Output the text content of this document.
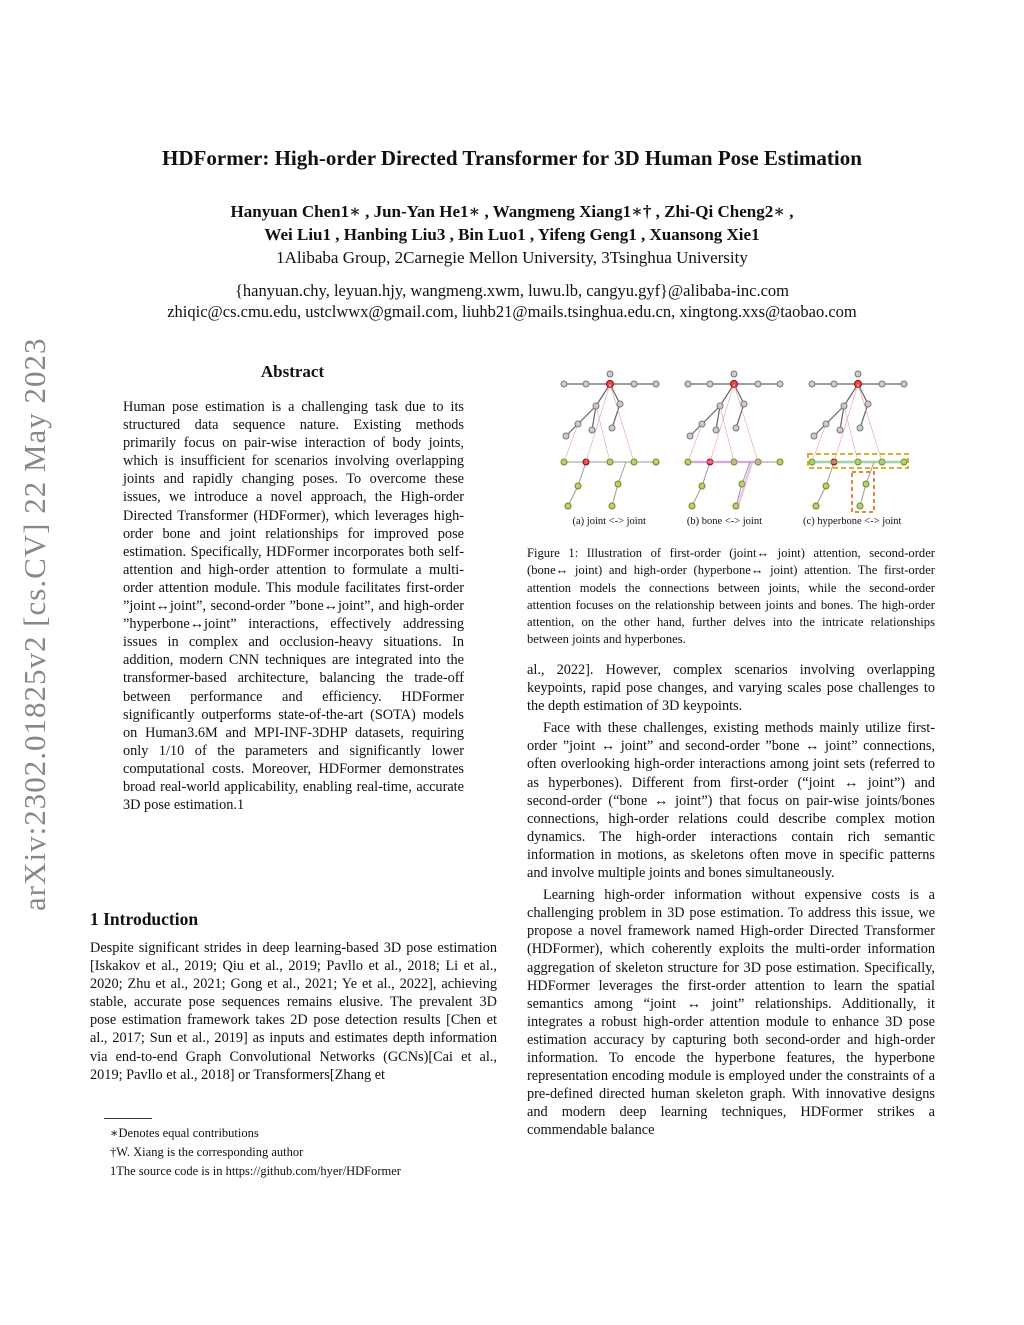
HDFormer: High-order Directed Transformer for 3D Human Pose Estimation
Hanyuan Chen1∗ , Jun-Yan He1∗ , Wangmeng Xiang1∗† , Zhi-Qi Cheng2∗ ,
Wei Liu1 , Hanbing Liu3 , Bin Luo1 , Yifeng Geng1 , Xuansong Xie1
1Alibaba Group, 2Carnegie Mellon University, 3Tsinghua University
{hanyuan.chy, leyuan.hjy, wangmeng.xwm, luwu.lb, cangyu.gyf}@alibaba-inc.com
zhiqic@cs.cmu.edu, ustclwwx@gmail.com, liuhb21@mails.tsinghua.edu.cn, xingtong.xxs@taobao.com
arXiv:2302.01825v2 [cs.CV] 22 May 2023	Abstract
Human pose estimation is a challenging task due to its structured data sequence nature. Existing methods primarily focus on pair-wise interaction of body joints, which is insufficient for scenarios involving overlapping joints and rapidly changing poses. To overcome these issues, we introduce a novel approach, the High-order Directed Transformer (HDFormer), which leverages high-order bone and joint relationships for improved pose estimation. Specifically, HDFormer incorporates both self-attention and high-order attention to formulate a multi-order attention module. This module facilitates first-order ”joint↔joint”, second-order ”bone↔joint”, and high-order ”hyperbone↔joint” interactions, effectively addressing issues in complex and occlusion-heavy situations. In addition, modern CNN techniques are integrated into the transformer-based architecture, balancing the trade-off between performance and efficiency. HDFormer significantly outperforms state-of-the-art (SOTA) models on Human3.6M and MPI-INF-3DHP datasets, requiring only 1/10 of the parameters and significantly lower computational costs. Moreover, HDFormer demonstrates broad real-world applicability, enabling real-time, accurate 3D pose estimation.1
1 Introduction
Despite significant strides in deep learning-based 3D pose estimation [Iskakov et al., 2019; Qiu et al., 2019; Pavllo et al., 2018; Li et al., 2020; Zhu et al., 2021; Gong et al., 2021; Ye et al., 2022], achieving stable, accurate pose sequences remains elusive. The prevalent 3D pose estimation framework takes 2D pose detection results [Chen et al., 2017; Sun et al., 2019] as inputs and estimates depth information via end-to-end Graph Convolutional Networks (GCNs)[Cai et al., 2019; Pavllo et al., 2018] or Transformers[Zhang et
∗Denotes equal contributions
†W. Xiang is the corresponding author
1The source code is in https://github.com/hyer/HDFormer
(a) joint <-> joint	(b) bone <-> joint	(c) hyperbone <-> joint
Figure 1: Illustration of first-order (joint↔ joint) attention, second-order (bone↔ joint) and high-order (hyperbone↔ joint) attention. The first-order attention models the connections between joints, while the second-order attention focuses on the relationship between joints and bones. The high-order attention, on the other hand, further delves into the intricate relationships between joints and hyperbones.

al., 2022]. However, complex scenarios involving overlapping keypoints, rapid pose changes, and varying scales pose challenges to the depth estimation of 3D keypoints.

Face with these challenges, existing methods mainly utilize first-order ”joint ↔ joint” and second-order ”bone ↔ joint” connections, often overlooking high-order interactions among joint sets (referred to as hyperbones). Different from first-order (“joint ↔ joint”) and second-order (“bone ↔ joint”) that focus on pair-wise joints/bones connections, high-order relations could describe complex motion dynamics. The high-order interactions contain rich semantic information in motions, as skeletons often move in specific patterns and involve multiple joints and bones simultaneously.

Learning high-order information without expensive costs is a challenging problem in 3D pose estimation. To address this issue, we propose a novel framework named High-order Directed Transformer (HDFormer), which coherently exploits the multi-order information aggregation of skeleton structure for 3D pose estimation. Specifically, HDFormer leverages the first-order attention to learn the spatial semantics among “joint ↔ joint” relationships. Additionally, it integrates a robust high-order attention module to enhance 3D pose estimation accuracy by capturing both second-order and high-order information. To encode the hyperbone features, the hyperbone representation encoding module is employed under the constraints of a pre-defined directed human skeleton graph. With innovative designs and modern deep learning techniques, HDFormer strikes a commendable balance
